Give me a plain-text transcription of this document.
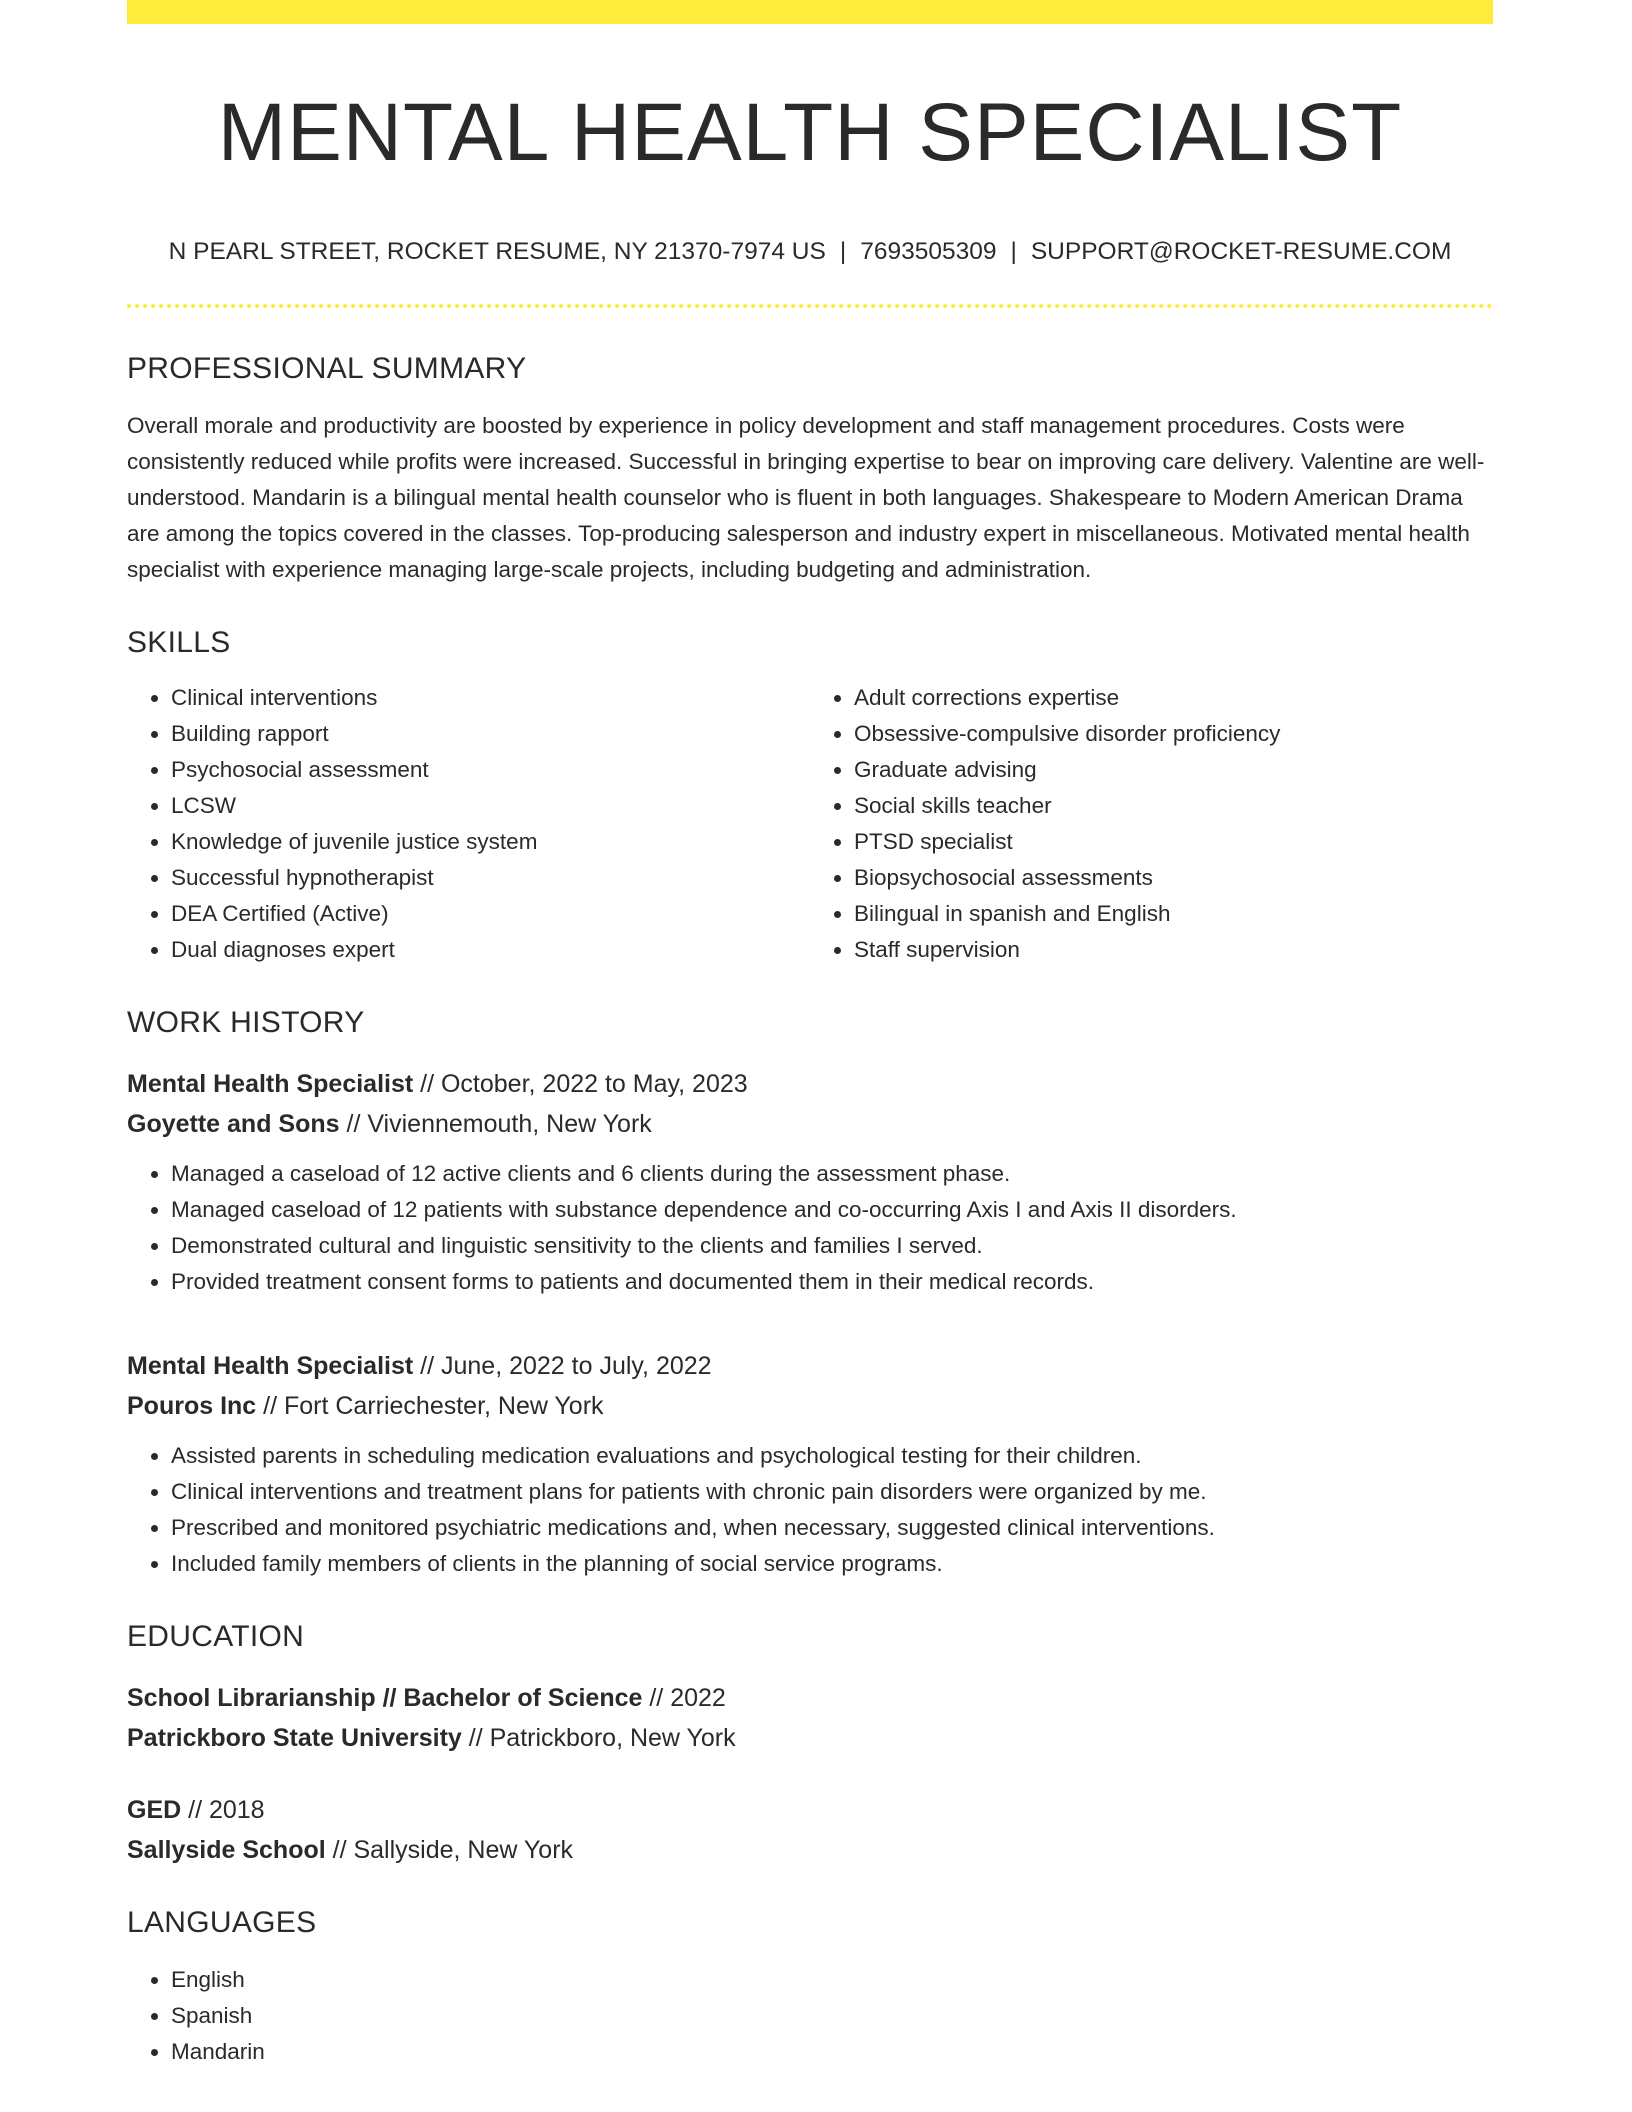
MENTAL HEALTH SPECIALIST
N PEARL STREET, ROCKET RESUME, NY 21370-7974 US | 7693505309 | SUPPORT@ROCKET-RESUME.COM
PROFESSIONAL SUMMARY
Overall morale and productivity are boosted by experience in policy development and staff management procedures. Costs were consistently reduced while profits were increased. Successful in bringing expertise to bear on improving care delivery. Valentine are well-understood. Mandarin is a bilingual mental health counselor who is fluent in both languages. Shakespeare to Modern American Drama are among the topics covered in the classes. Top-producing salesperson and industry expert in miscellaneous. Motivated mental health specialist with experience managing large-scale projects, including budgeting and administration.
SKILLS
• Clinical interventions
• Building rapport
• Psychosocial assessment
• LCSW
• Knowledge of juvenile justice system
• Successful hypnotherapist
• DEA Certified (Active)
• Dual diagnoses expert
• Adult corrections expertise
• Obsessive-compulsive disorder proficiency
• Graduate advising
• Social skills teacher
• PTSD specialist
• Biopsychosocial assessments
• Bilingual in spanish and English
• Staff supervision
WORK HISTORY
Mental Health Specialist // October, 2022 to May, 2023
Goyette and Sons // Viviennemouth, New York
• Managed a caseload of 12 active clients and 6 clients during the assessment phase.
• Managed caseload of 12 patients with substance dependence and co-occurring Axis I and Axis II disorders.
• Demonstrated cultural and linguistic sensitivity to the clients and families I served.
• Provided treatment consent forms to patients and documented them in their medical records.
Mental Health Specialist // June, 2022 to July, 2022
Pouros Inc // Fort Carriechester, New York
• Assisted parents in scheduling medication evaluations and psychological testing for their children.
• Clinical interventions and treatment plans for patients with chronic pain disorders were organized by me.
• Prescribed and monitored psychiatric medications and, when necessary, suggested clinical interventions.
• Included family members of clients in the planning of social service programs.
EDUCATION
School Librarianship // Bachelor of Science // 2022
Patrickboro State University // Patrickboro, New York
GED // 2018
Sallyside School // Sallyside, New York
LANGUAGES
• English
• Spanish
• Mandarin
